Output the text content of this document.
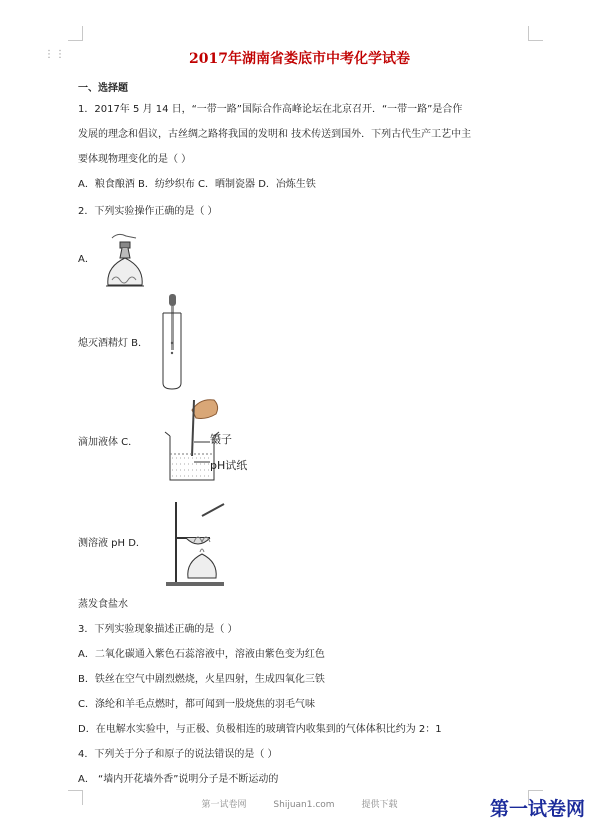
⋮⋮	2017年湖南省娄底市中考化学试卷
一、选择题
1．2017年 5 月 14 日，“一带一路”国际合作高峰论坛在北京召开．“一带一路”是合作
发展的理念和倡议，古丝绸之路将我国的发明和 技术传送到国外．下列古代生产工艺中主
要体现物理变化的是（ ）
A．粮食酿酒 B．纺纱织布 C．晒制瓷器 D．冶炼生铁
2．下列实验操作正确的是（ ）
A．
熄灭酒精灯 B．
镊子
pH试纸
滴加液体 C．
测溶液 pH D．
蒸发食盐水
3．下列实验现象描述正确的是（ ）
A．二氧化碳通入紫色石蕊溶液中，溶液由紫色变为红色
B．铁丝在空气中剧烈燃烧，火星四射，生成四氧化三铁
C．涤纶和羊毛点燃时，都可闻到一股烧焦的羽毛气味
D．在电解水实验中，与正极、负极相连的玻璃管内收集到的气体体积比约为 2：1
4．下列关于分子和原子的说法错误的是（ ）
A． “墙内开花墙外香”说明分子是不断运动的
第一试卷网	Shijuan1.com	提供下载	第一试卷网
